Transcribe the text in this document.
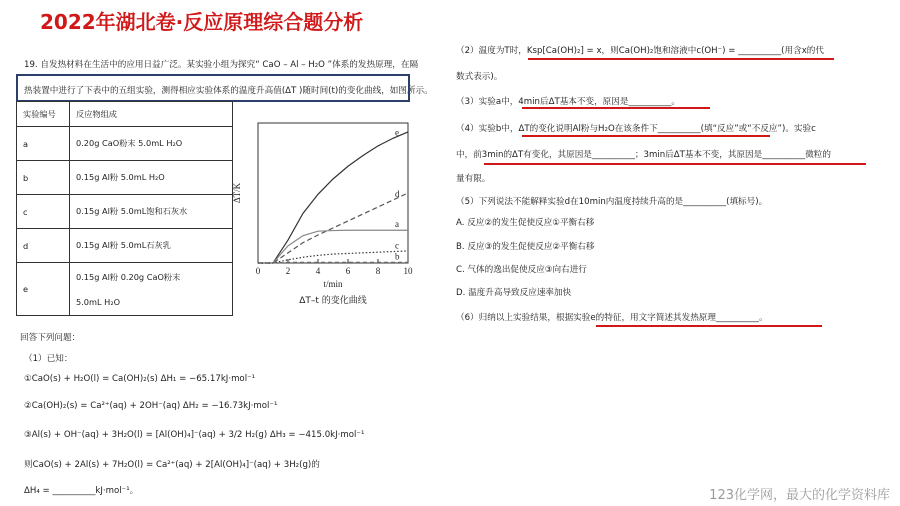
2022年湖北卷·反应原理综合题分析
19. 自发热材料在生活中的应用日益广泛。某实验小组为探究“ CaO – Al – H₂O ”体系的发热原理，在隔
热装置中进行了下表中的五组实验，测得相应实验体系的温度升高值(ΔT )随时间(t)的变化曲线，如图所示。
实验编号	反应物组成
a	0.20g CaO粉末 5.0mL H₂O
b	0.15g Al粉 5.0mL H₂O
c	0.15g Al粉 5.0mL饱和石灰水
d	0.15g Al粉 5.0mL石灰乳
e	0.15g Al粉 0.20g CaO粉末
5.0mL H₂O
0	2	4	6	8	10
e
d
a
c
b
ΔT/K
t/min
ΔT–t 的变化曲线
回答下列问题：
（1）已知：
①CaO(s) + H₂O(l) = Ca(OH)₂(s) ΔH₁ = −65.17kJ·mol⁻¹
②Ca(OH)₂(s) = Ca²⁺(aq) + 2OH⁻(aq) ΔH₂ = −16.73kJ·mol⁻¹
③Al(s) + OH⁻(aq) + 3H₂O(l) = [Al(OH)₄]⁻(aq) + 3/2 H₂(g) ΔH₃ = −415.0kJ·mol⁻¹
则CaO(s) + 2Al(s) + 7H₂O(l) = Ca²⁺(aq) + 2[Al(OH)₄]⁻(aq) + 3H₂(g)的
ΔH₄ = __________kJ·mol⁻¹。
（2）温度为T时，Ksp[Ca(OH)₂] = x，则Ca(OH)₂饱和溶液中c(OH⁻) = __________(用含x的代
数式表示)。
（3）实验a中，4min后ΔT基本不变，原因是__________。
（4）实验b中，ΔT的变化说明Al粉与H₂O在该条件下__________(填“反应”或“不反应”)。实验c
中，前3min的ΔT有变化，其原因是__________；3min后ΔT基本不变，其原因是__________微粒的
量有限。
（5）下列说法不能解释实验d在10min内温度持续升高的是__________(填标号)。
A. 反应②的发生促使反应①平衡右移
B. 反应③的发生促使反应②平衡右移
C. 气体的逸出促使反应③向右进行
D. 温度升高导致反应速率加快
（6）归纳以上实验结果，根据实验e的特征，用文字简述其发热原理__________。
123化学网，最大的化学资料库
